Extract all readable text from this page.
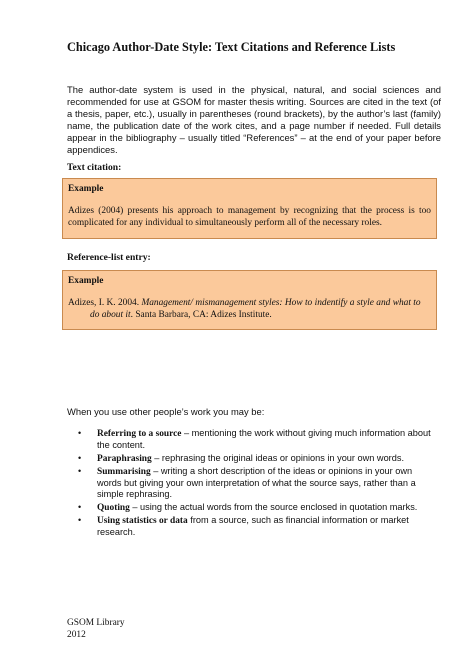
Chicago Author-Date Style: Text Citations and Reference Lists
The author-date system is used in the physical, natural, and social sciences and recommended for use at GSOM for master thesis writing. Sources are cited in the text (of a thesis, paper, etc.), usually in parentheses (round brackets), by the author’s last (family) name, the publication date of the work cites, and a page number if needed. Full details appear in the bibliography – usually titled “References” – at the end of your paper before appendices.
Text citation:
Example
Adizes (2004) presents his approach to management by recognizing that the process is too complicated for any individual to simultaneously perform all of the necessary roles.
Reference-list entry:
Example
Adizes, I. K. 2004. Management/ mismanagement styles: How to indentify a style and what to
do about it. Santa Barbara, CA: Adizes Institute.
When you use other people’s work you may be:
• Referring to a source – mentioning the work without giving much information about the content.
• Paraphrasing – rephrasing the original ideas or opinions in your own words.
• Summarising – writing a short description of the ideas or opinions in your own words but giving your own interpretation of what the source says, rather than a simple rephrasing.
• Quoting – using the actual words from the source enclosed in quotation marks.
• Using statistics or data from a source, such as financial information or market research.
GSOM Library
2012
